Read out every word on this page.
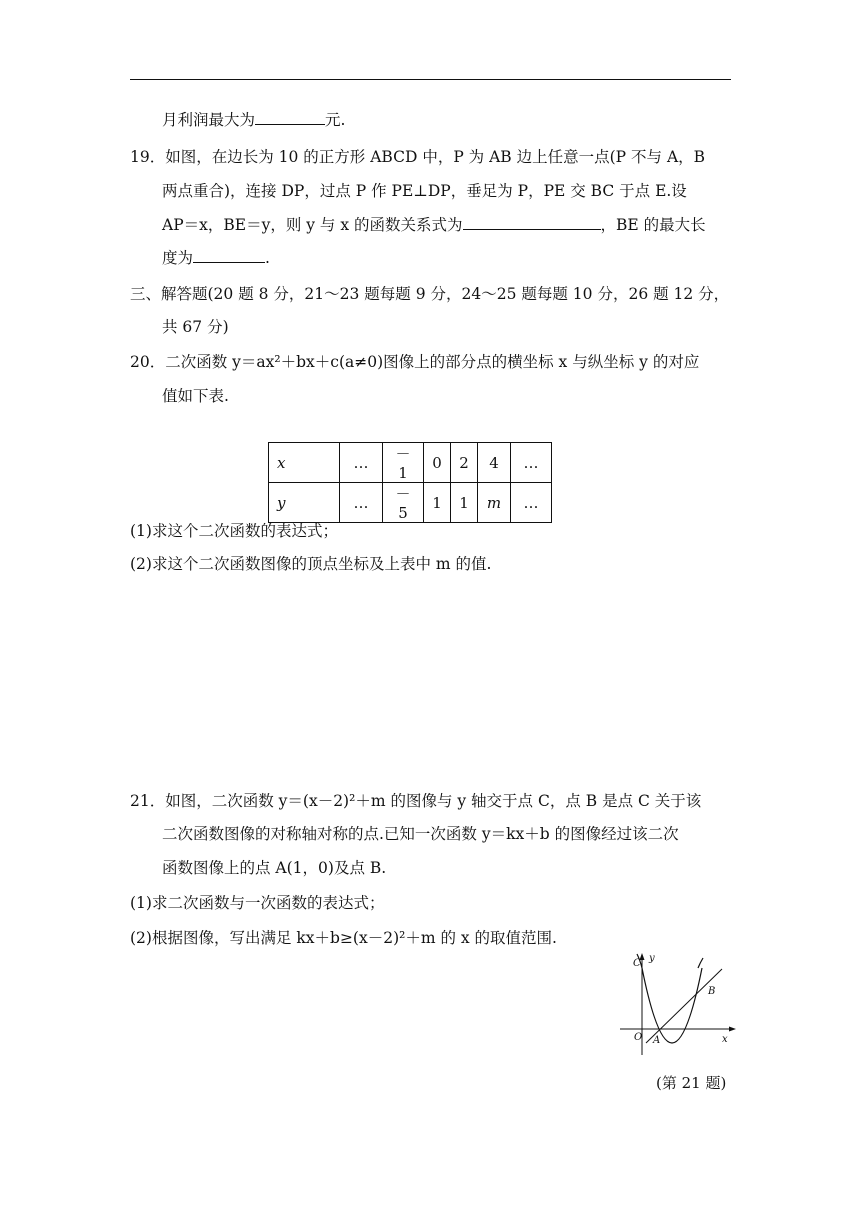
月利润最大为	元.
19．如图，在边长为 10 的正方形 ABCD 中，P 为 AB 边上任意一点(P 不与 A，B
两点重合)，连接 DP，过点 P 作 PE⊥DP，垂足为 P，PE 交 BC 于点 E.设
AP＝x，BE＝y，则 y 与 x 的函数关系式为	，BE 的最大长
度为	.
三、解答题(20 题 8 分，21～23 题每题 9 分，24～25 题每题 10 分，26 题 12 分，
共 67 分)
20．二次函数 y＝ax²＋bx＋c(a≠0)图像上的部分点的横坐标 x 与纵坐标 y 的对应
值如下表.
x	…	－1	0	2	4	…
y	…	－5	1	1	m	…
(1)求这个二次函数的表达式；
(2)求这个二次函数图像的顶点坐标及上表中 m 的值.
21．如图，二次函数 y＝(x－2)²＋m 的图像与 y 轴交于点 C，点 B 是点 C 关于该
二次函数图像的对称轴对称的点.已知一次函数 y＝kx＋b 的图像经过该二次
函数图像上的点 A(1，0)及点 B.
(1)求二次函数与一次函数的表达式；
(2)根据图像，写出满足 kx＋b≥(x－2)²＋m 的 x 的取值范围.
C
B
O A	x
y
(第 21 题)
